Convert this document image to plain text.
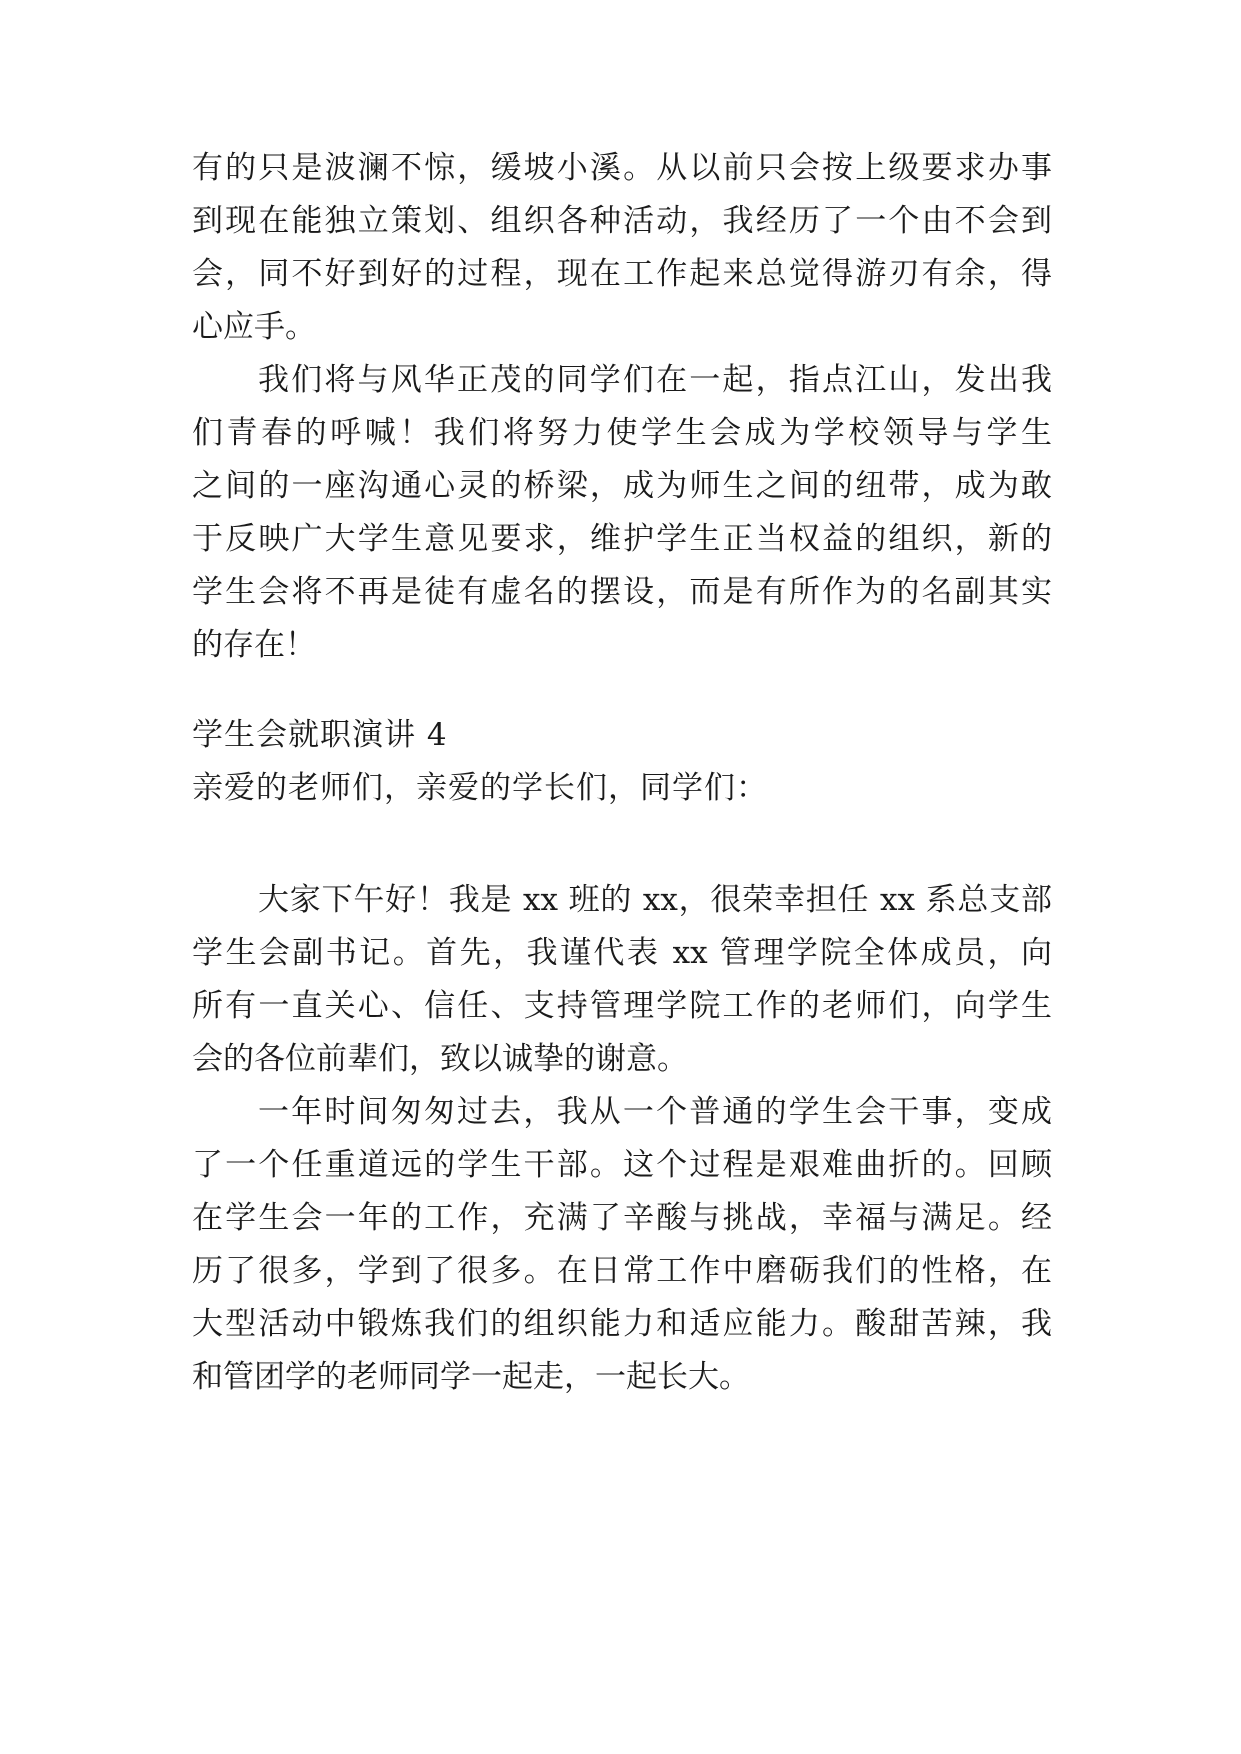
有的只是波澜不惊，缓坡小溪。从以前只会按上级要求办事
到现在能独立策划、组织各种活动，我经历了一个由不会到
会，同不好到好的过程，现在工作起来总觉得游刃有余，得
心应手。
我们将与风华正茂的同学们在一起，指点江山，发出我
们青春的呼喊！我们将努力使学生会成为学校领导与学生
之间的一座沟通心灵的桥梁，成为师生之间的纽带，成为敢
于反映广大学生意见要求，维护学生正当权益的组织，新的
学生会将不再是徒有虚名的摆设，而是有所作为的名副其实
的存在！
学生会就职演讲 4
亲爱的老师们，亲爱的学长们，同学们：
大家下午好！我是 xx 班的 xx，很荣幸担任 xx 系总支部
学生会副书记。首先，我谨代表 xx 管理学院全体成员，向
所有一直关心、信任、支持管理学院工作的老师们，向学生
会的各位前辈们，致以诚挚的谢意。
一年时间匆匆过去，我从一个普通的学生会干事，变成
了一个任重道远的学生干部。这个过程是艰难曲折的。回顾
在学生会一年的工作，充满了辛酸与挑战，幸福与满足。经
历了很多，学到了很多。在日常工作中磨砺我们的性格，在
大型活动中锻炼我们的组织能力和适应能力。酸甜苦辣，我
和管团学的老师同学一起走，一起长大。
